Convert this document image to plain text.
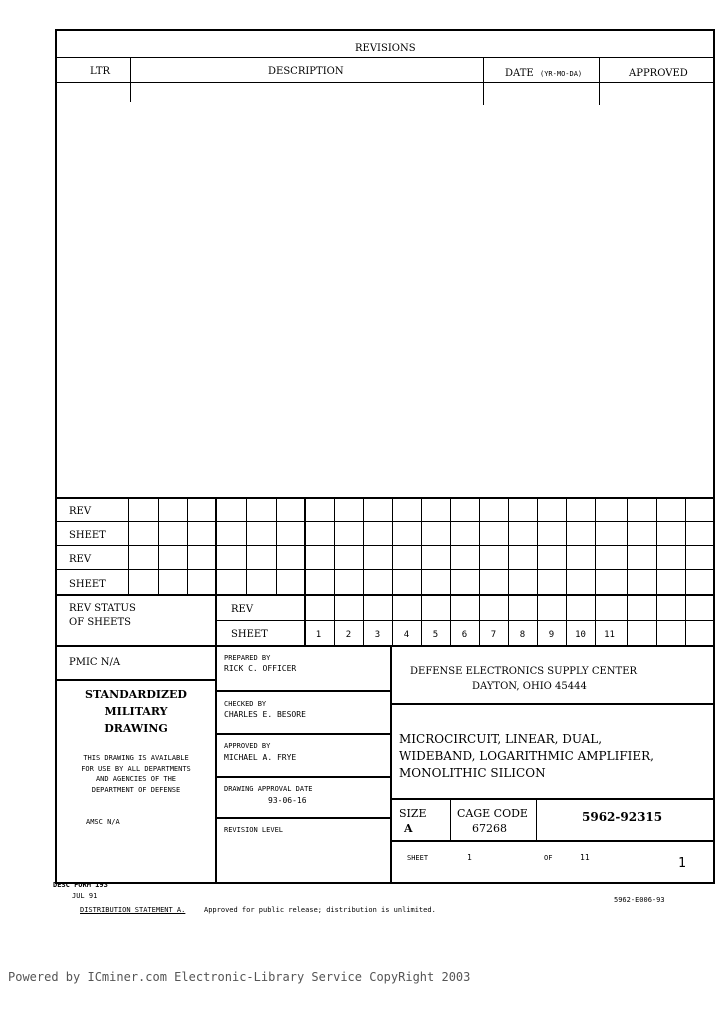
REVISIONS
LTR	DESCRIPTION	DATE (YR-MO-DA)	APPROVED
REV
SHEET
REV
SHEET
REV STATUS
OF SHEETS
REV
SHEET	1	2	3	4	5	6	7	8	9	10	11
PMIC N/A
STANDARDIZED
MILITARY
DRAWING
THIS DRAWING IS AVAILABLE
FOR USE BY ALL DEPARTMENTS
AND AGENCIES OF THE
DEPARTMENT OF DEFENSE
AMSC N/A
PREPARED BY
RICK C. OFFICER
CHECKED BY
CHARLES E. BESORE
APPROVED BY
MICHAEL A. FRYE
DRAWING APPROVAL DATE
93-06-16
REVISION LEVEL
DEFENSE ELECTRONICS SUPPLY CENTER
DAYTON, OHIO 45444
MICROCIRCUIT, LINEAR, DUAL,
WIDEBAND, LOGARITHMIC AMPLIFIER,
MONOLITHIC SILICON
SIZE
A
CAGE CODE
67268
5962-92315
SHEET	1	OF	11	1
DESC FORM 193
JUL 91
DISTRIBUTION STATEMENT A.	Approved for public release; distribution is unlimited.
5962-E006-93
Powered by ICminer.com Electronic-Library Service CopyRight 2003
